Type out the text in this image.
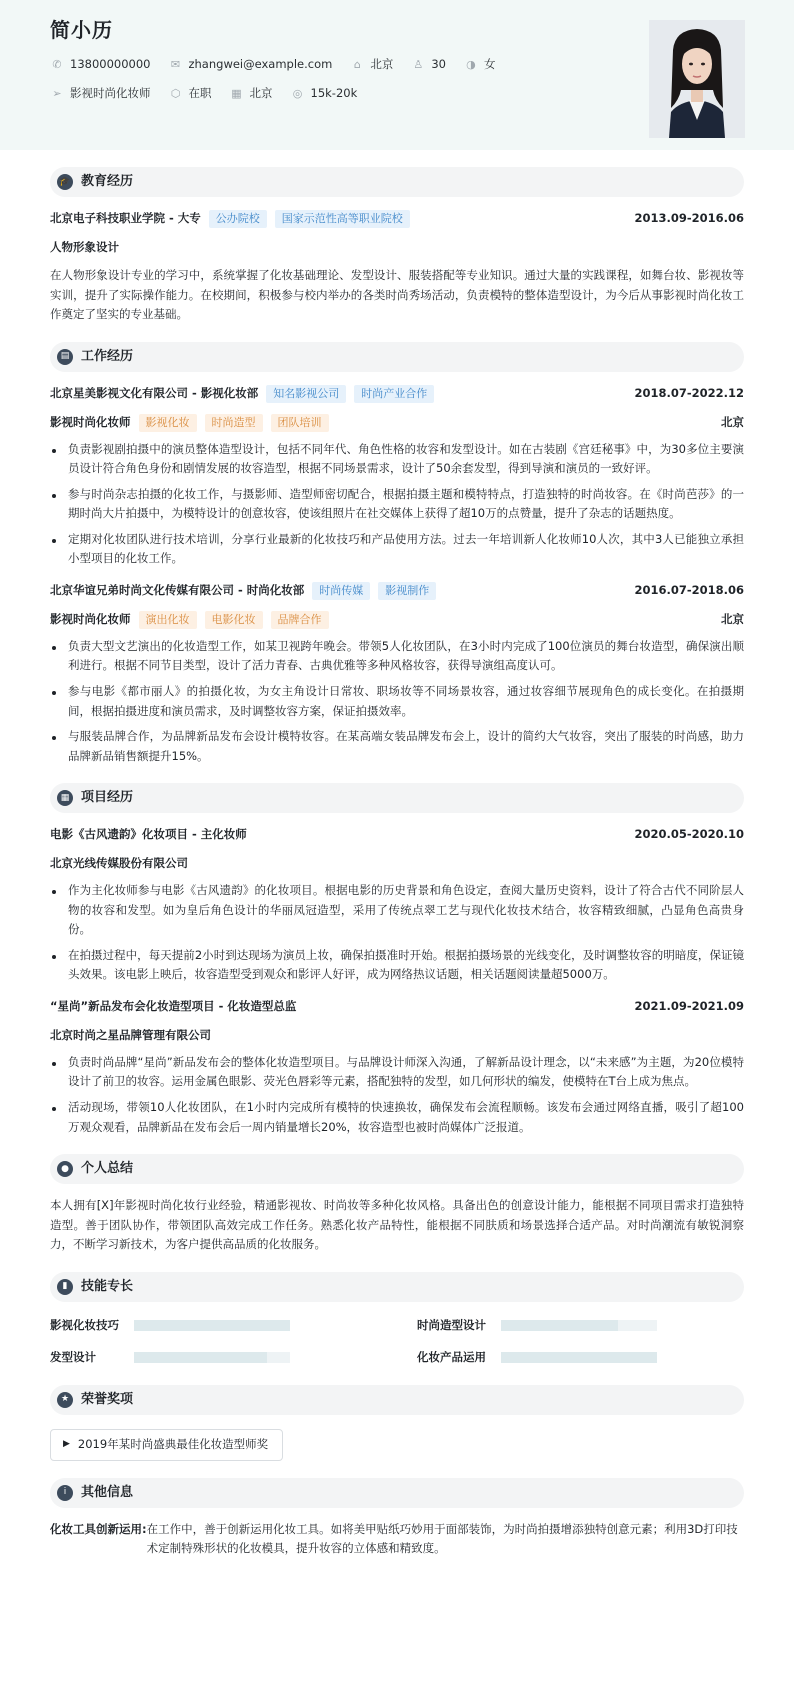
简小历
✆ 13800000000 ✉ zhangwei@example.com	⌂ 北京 ♙ 30 ◑ 女
➢ 影视时尚化妆师 ⬡ 在职 ▦ 北京 ◎ 15k-20k
🎓 教育经历
北京电子科技职业学院 - 大专	公办院校	国家示范性高等职业院校	2013.09-2016.06
人物形象设计

在人物形象设计专业的学习中，系统掌握了化妆基础理论、发型设计、服装搭配等专业知识。通过大量的实践课程，如舞台妆、影视妆等实训，提升了实际操作能力。在校期间，积极参与校内举办的各类时尚秀场活动，负责模特的整体造型设计，为今后从事影视时尚化妆工作奠定了坚实的专业基础。

▤ 工作经历
北京星美影视文化有限公司 - 影视化妆部	知名影视公司	时尚产业合作	2018.07-2022.12
影视时尚化妆师	影视化妆	时尚造型	团队培训	北京
负责影视剧拍摄中的演员整体造型设计，包括不同年代、角色性格的妆容和发型设计。如在古装剧《宫廷秘事》中，为30多位主要演员设计符合角色身份和剧情发展的妆容造型，根据不同场景需求，设计了50余套发型，得到导演和演员的一致好评。
参与时尚杂志拍摄的化妆工作，与摄影师、造型师密切配合，根据拍摄主题和模特特点，打造独特的时尚妆容。在《时尚芭莎》的一期时尚大片拍摄中，为模特设计的创意妆容，使该组照片在社交媒体上获得了超10万的点赞量，提升了杂志的话题热度。
定期对化妆团队进行技术培训，分享行业最新的化妆技巧和产品使用方法。过去一年培训新人化妆师10人次，其中3人已能独立承担小型项目的化妆工作。
北京华谊兄弟时尚文化传媒有限公司 - 时尚化妆部	时尚传媒	影视制作	2016.07-2018.06
影视时尚化妆师	演出化妆	电影化妆	品牌合作	北京
负责大型文艺演出的化妆造型工作，如某卫视跨年晚会。带领5人化妆团队，在3小时内完成了100位演员的舞台妆造型，确保演出顺利进行。根据不同节目类型，设计了活力青春、古典优雅等多种风格妆容，获得导演组高度认可。
参与电影《都市丽人》的拍摄化妆，为女主角设计日常妆、职场妆等不同场景妆容，通过妆容细节展现角色的成长变化。在拍摄期间，根据拍摄进度和演员需求，及时调整妆容方案，保证拍摄效率。
与服装品牌合作，为品牌新品发布会设计模特妆容。在某高端女装品牌发布会上，设计的简约大气妆容，突出了服装的时尚感，助力品牌新品销售额提升15%。
▦ 项目经历
电影《古风遗韵》化妆项目 - 主化妆师	2020.05-2020.10
北京光线传媒股份有限公司
作为主化妆师参与电影《古风遗韵》的化妆项目。根据电影的历史背景和角色设定，查阅大量历史资料，设计了符合古代不同阶层人物的妆容和发型。如为皇后角色设计的华丽凤冠造型，采用了传统点翠工艺与现代化妆技术结合，妆容精致细腻，凸显角色高贵身份。
在拍摄过程中，每天提前2小时到达现场为演员上妆，确保拍摄准时开始。根据拍摄场景的光线变化，及时调整妆容的明暗度，保证镜头效果。该电影上映后，妆容造型受到观众和影评人好评，成为网络热议话题，相关话题阅读量超5000万。
“星尚”新品发布会化妆造型项目 - 化妆造型总监	2021.09-2021.09
北京时尚之星品牌管理有限公司
负责时尚品牌“星尚”新品发布会的整体化妆造型项目。与品牌设计师深入沟通，了解新品设计理念，以“未来感”为主题，为20位模特设计了前卫的妆容。运用金属色眼影、荧光色唇彩等元素，搭配独特的发型，如几何形状的编发，使模特在T台上成为焦点。
活动现场，带领10人化妆团队，在1小时内完成所有模特的快速换妆，确保发布会流程顺畅。该发布会通过网络直播，吸引了超100万观众观看，品牌新品在发布会后一周内销量增长20%，妆容造型也被时尚媒体广泛报道。
● 个人总结

本人拥有[X]年影视时尚化妆行业经验，精通影视妆、时尚妆等多种化妆风格。具备出色的创意设计能力，能根据不同项目需求打造独特造型。善于团队协作，带领团队高效完成工作任务。熟悉化妆产品特性，能根据不同肤质和场景选择合适产品。对时尚潮流有敏锐洞察力，不断学习新技术，为客户提供高品质的化妆服务。

▮	技能专长
影视化妆技巧	时尚造型设计
发型设计	化妆产品运用
★ 荣誉奖项
▶ 2019年某时尚盛典最佳化妆造型师奖
i	其他信息
化妆工具创新运用: 在工作中，善于创新运用化妆工具。如将美甲贴纸巧妙用于面部装饰，为时尚拍摄增添独特创意元素；利用3D打印技术定制特殊形状的化妆模具，提升妆容的立体感和精致度。
